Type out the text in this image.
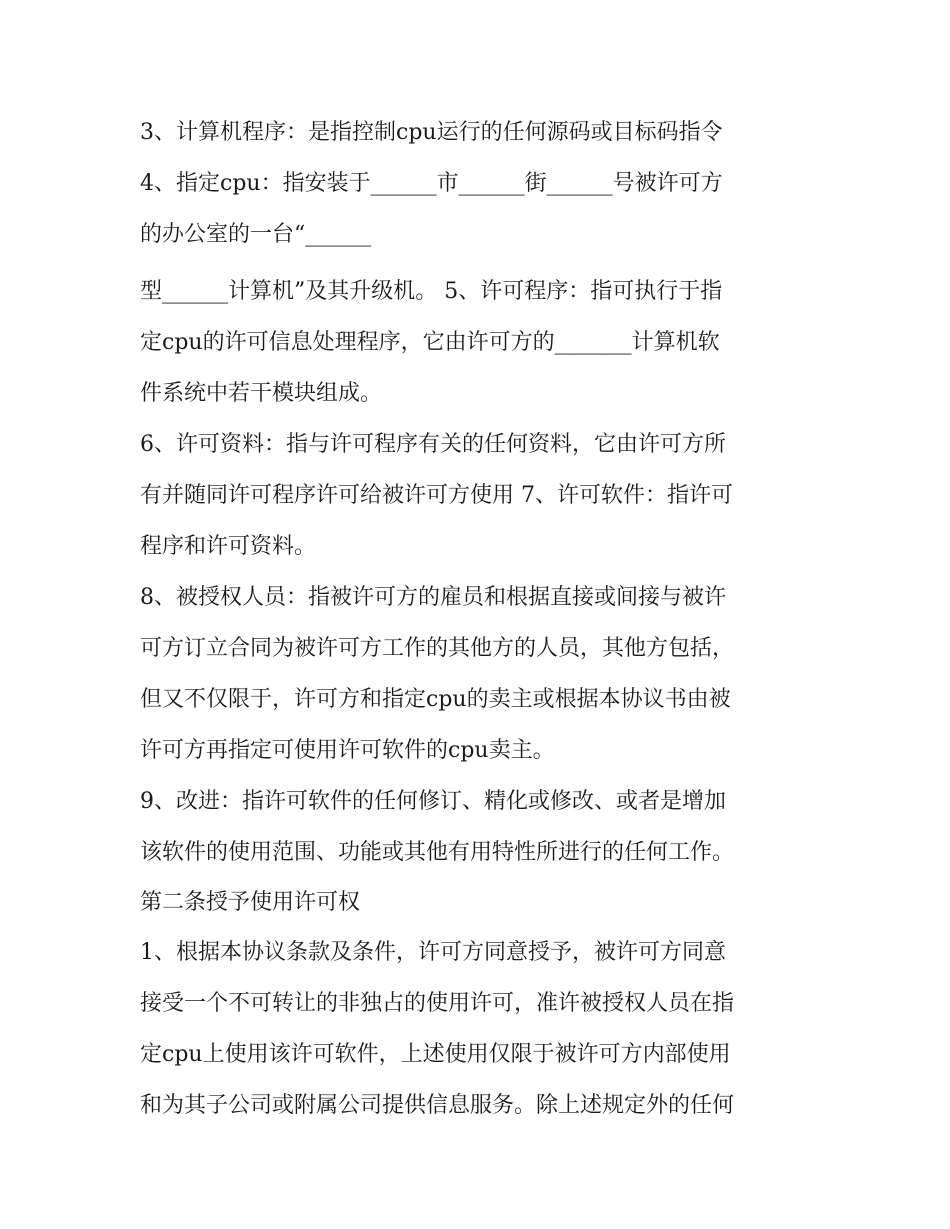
3、计算机程序：是指控制cpu运行的任何源码或目标码指令
4、指定cpu：指安装于______市______街______号被许可方
的办公室的一台“______
型______计算机”及其升级机。 5、许可程序：指可执行于指
定cpu的许可信息处理程序，它由许可方的_______计算机软
件系统中若干模块组成。
6、许可资料：指与许可程序有关的任何资料，它由许可方所
有并随同许可程序许可给被许可方使用 7、许可软件：指许可
程序和许可资料。
8、被授权人员：指被许可方的雇员和根据直接或间接与被许
可方订立合同为被许可方工作的其他方的人员，其他方包括，
但又不仅限于，许可方和指定cpu的卖主或根据本协议书由被
许可方再指定可使用许可软件的cpu卖主。
9、改进：指许可软件的任何修订、精化或修改、或者是增加
该软件的使用范围、功能或其他有用特性所进行的任何工作。
第二条授予使用许可权
1、根据本协议条款及条件，许可方同意授予，被许可方同意
接受一个不可转让的非独占的使用许可，准许被授权人员在指
定cpu上使用该许可软件，上述使用仅限于被许可方内部使用
和为其子公司或附属公司提供信息服务。除上述规定外的任何
